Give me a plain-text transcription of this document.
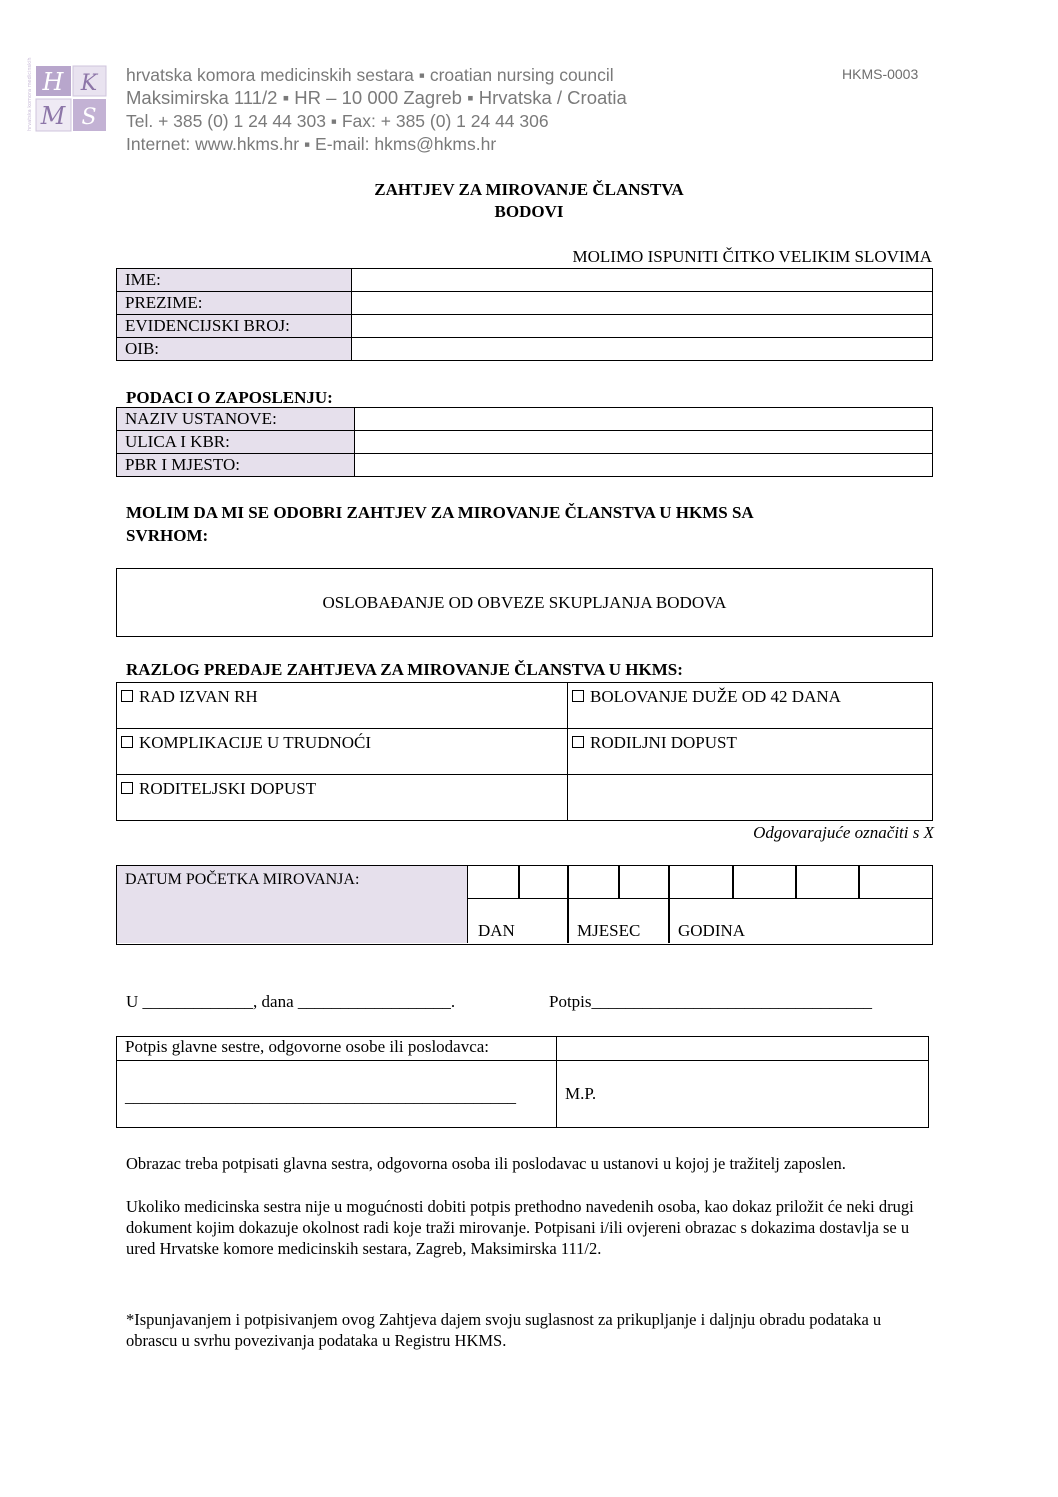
H K
M S
hrvatska komora medicinskih sestara	hrvatska komora medicinskih sestara ▪ croatian nursing council
Maksimirska 111/2 ▪ HR – 10 000 Zagreb ▪ Hrvatska / Croatia
Tel. + 385 (0) 1 24 44 303 ▪ Fax: + 385 (0) 1 24 44 306
Internet: www.hkms.hr ▪ E-mail: hkms@hkms.hr
HKMS-0003
ZAHTJEV ZA MIROVANJE ČLANSTVA
BODOVI
MOLIMO ISPUNITI ČITKO VELIKIM SLOVIMA
IME:	
PREZIME:	
EVIDENCIJSKI BROJ:	
OIB:	
PODACI O ZAPOSLENJU:
NAZIV USTANOVE:	
ULICA I KBR:	
PBR I MJESTO:	
MOLIM DA MI SE ODOBRI ZAHTJEV ZA MIROVANJE ČLANSTVA U HKMS SA
SVRHOM:
OSLOBAĐANJE OD OBVEZE SKUPLJANJA BODOVA
RAZLOG PREDAJE ZAHTJEVA ZA MIROVANJE ČLANSTVA U HKMS:
RAD IZVAN RH	BOLOVANJE DUŽE OD 42 DANA
KOMPLIKACIJE U TRUDNOĆI	RODILJNI DOPUST
RODITELJSKI DOPUST	
Odgovarajuće označiti s X
DATUM POČETKA MIROVANJA:
DAN	MJESEC GODINA
U _____________, dana __________________.	Potpis_________________________________
Potpis glavne sestre, odgovorne osobe ili poslodavca:	
______________________________________________	M.P.
Obrazac treba potpisati glavna sestra, odgovorna osoba ili poslodavac u ustanovi u kojoj je tražitelj zaposlen.
Ukoliko medicinska sestra nije u mogućnosti dobiti potpis prethodno navedenih osoba, kao dokaz priložit će neki drugi dokument kojim dokazuje okolnost radi koje traži mirovanje. Potpisani i/ili ovjereni obrazac s dokazima dostavlja se u ured Hrvatske komore medicinskih sestara, Zagreb, Maksimirska 111/2.
*Ispunjavanjem i potpisivanjem ovog Zahtjeva dajem svoju suglasnost za prikupljanje i daljnju obradu podataka u obrascu u svrhu povezivanja podataka u Registru HKMS.
